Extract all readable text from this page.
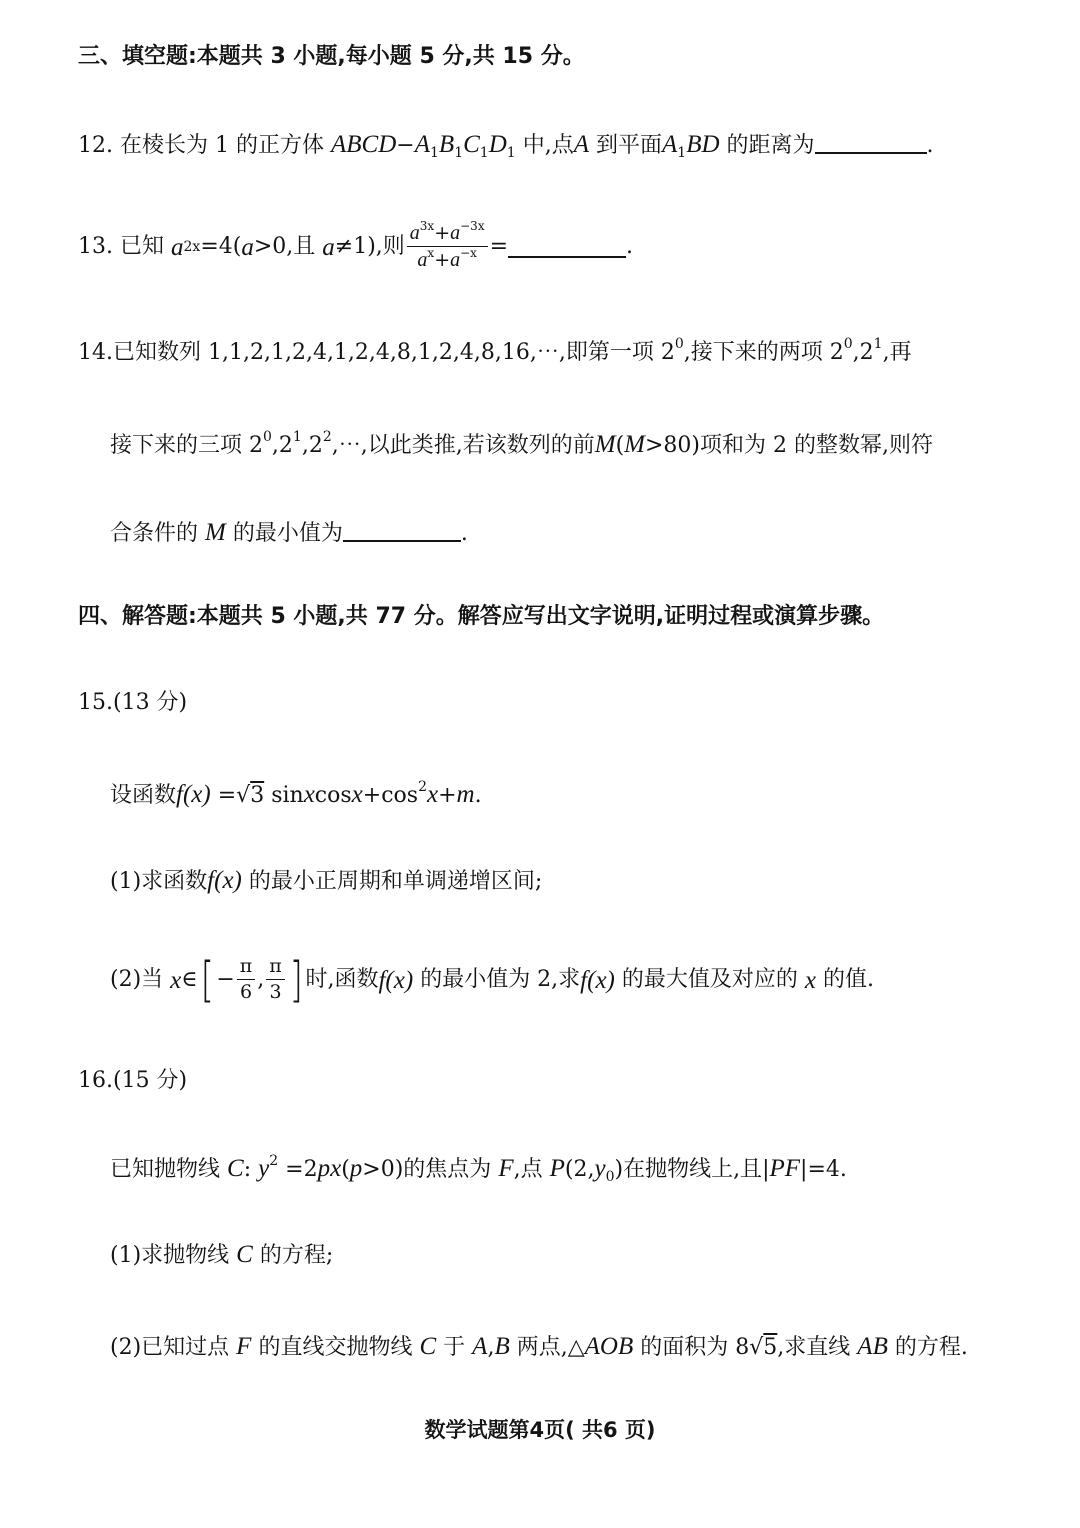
三、填空题:本题共 3 小题,每小题 5 分,共 15 分。
12. 在棱长为 1 的正方体 $ABCD-A_1B_1C_1D_1$ 中,点A 到平面$A_1BD$ 的距离为	.
13.
已知
a 2x =4( a >0,且
a ≠1),则 $\frac{a^{3x}+a^{-3x}}{a^x+a^{-x}}$ =	.
14.已知数列 1,1,2,1,2,4,1,2,4,8,1,2,4,8,16,⋯,即第一项 $2^0$,接下来的两项 $2^0,2^1$,再
接下来的三项 $2^0,2^1,2^2,\cdots$,以此类推,若该数列的前M(M>80)项和为 2 的整数幂,则符
合条件的 M 的最小值为	.
四、解答题:本题共 5 小题,共 77 分。解答应写出文字说明,证明过程或演算步骤。
15.(13 分)
设函数f(x) =√3 $sinxcosx+\cos^2x+m$.
(1)求函数f(x) 的最小正周期和单调递增区间;
(2)当
x ∈ [ − $\frac{\pi}{6}$ , $\frac{\pi}{3}$ ] 时,函数 f(x)
的最小值为 2,求 f(x)
的最大值及对应的
x
的值.
16.(15 分)
已知抛物线 C: $y^2 =2px(p>0)$的焦点为 F,点 $P(2,y_0)$在抛物线上,且|PF|=4.
(1)求抛物线 C 的方程;
(2)已知过点 F 的直线交抛物线 C 于 A,B 两点,△AOB 的面积为 8√5,求直线 AB 的方程.
数学试题第4页( 共6 页)
